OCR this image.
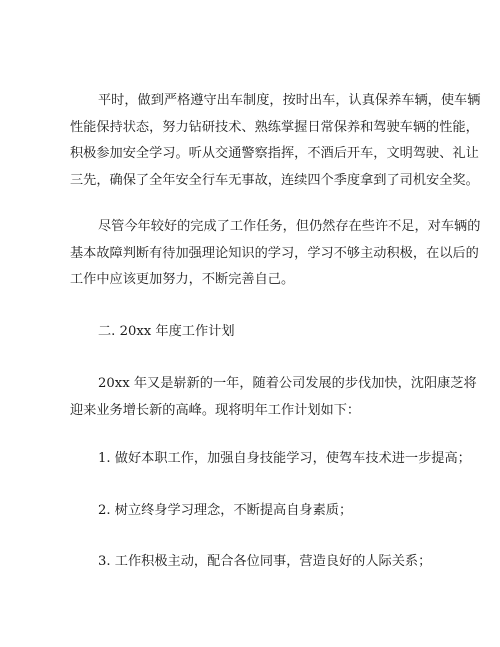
平时，做到严格遵守出车制度，按时出车，认真保养车辆，使车辆
性能保持状态，努力钻研技术、熟练掌握日常保养和驾驶车辆的性能，
积极参加安全学习。听从交通警察指挥，不酒后开车，文明驾驶、礼让
三先，确保了全年安全行车无事故，连续四个季度拿到了司机安全奖。
尽管今年较好的完成了工作任务，但仍然存在些许不足，对车辆的
基本故障判断有待加强理论知识的学习，学习不够主动积极，在以后的
工作中应该更加努力，不断完善自己。
二. 20xx 年度工作计划
20xx 年又是崭新的一年，随着公司发展的步伐加快，沈阳康芝将
迎来业务增长新的高峰。现将明年工作计划如下：
1. 做好本职工作，加强自身技能学习，使驾车技术进一步提高；
2. 树立终身学习理念，不断提高自身素质；
3. 工作积极主动，配合各位同事，营造良好的人际关系；
